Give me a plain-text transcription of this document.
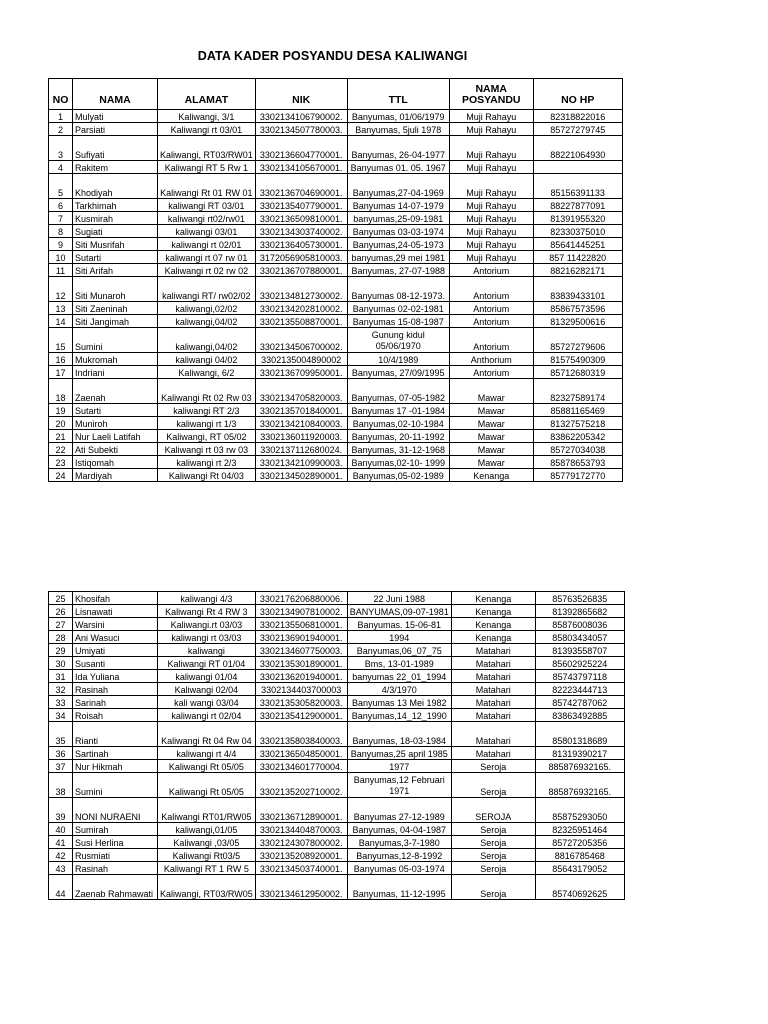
DATA KADER POSYANDU DESA KALIWANGI
NO	NAMA	ALAMAT	NIK	TTL	NAMA
POSYANDU	NO HP
1	Mulyati	Kaliwangi, 3/1	3302134106790002.	Banyumas, 01/06/1979	Muji Rahayu	82318822016
2	Parsiati	Kaliwangi rt 03/01	3302134507780003.	Banyumas, 5juli 1978	Muji Rahayu	85727279745
3	Sufiyati	Kaliwangi, RT03/RW01	3302136604770001.	Banyumas, 26-04-1977	Muji Rahayu	88221064930
4	Rakitem	Kaliwangi RT 5 Rw 1	3302134105670001.	Banyumas 01. 05. 1967	Muji Rahayu	
5	Khodiyah	Kaliwangi Rt 01 RW 01	3302136704690001.	Banyumas,27-04-1969	Muji Rahayu	85156391133
6	Tarkhimah	kaliwangi RT 03/01	3302135407790001.	Banyumas 14-07-1979	Muji Rahayu	88227877091
7	Kusmirah	kaliwangi rt02/rw01	3302136509810001.	banyumas,25-09-1981	Muji Rahayu	81391955320
8	Sugiati	kaliwangi 03/01	3302134303740002.	Banyumas 03-03-1974	Muji Rahayu	82330375010
9	Siti Musrifah	kaliwangi rt 02/01	3302136405730001.	Banyumas,24-05-1973	Muji Rahayu	85641445251
10	Sutarti	kaliwangi rt 07 rw 01	3172056905810003.	banyumas,29 mei 1981	Muji Rahayu	857 11422820
11	Siti Arifah	Kaliwangi rt 02 rw 02	3302136707880001.	Banyumas, 27-07-1988	Antorium	88216282171
12	Siti Munaroh	kaliwangi RT/ rw02/02	3302134812730002.	Banyumas 08-12-1973.	Antorium	83839433101
13	Siti Zaeninah	kaliwangi,02/02	3302134202810002.	Banyumas 02-02-1981	Antorium	85867573596
14	Siti Jangimah	kaliwangi,04/02	3302135508870001.	Banyumas 15-08-1987	Antorium	81329500616
15	Sumini	kaliwangi,04/02	3302134506700002.	Gunung kidul
05/06/1970	Antorium	85727279606
16	Mukromah	kaliwangi 04/02	3302135004890002	10/4/1989	Anthorium	81575490309
17	Indriani	Kaliwangi, 6/2	3302136709950001.	Banyumas, 27/09/1995	Antorium	85712680319
18	Zaenah	Kaliwangi Rt 02 Rw 03	3302134705820003.	Banyumas, 07-05-1982	Mawar	82327589174
19	Sutarti	kaliwangi RT 2/3	3302135701840001.	Banyumas 17 -01-1984	Mawar	85881165469
20	Muniroh	kaliwangi rt 1/3	3302134210840003.	Banyumas,02-10-1984	Mawar	81327575218
21	Nur Laeli Latifah	Kaliwangi, RT 05/02	3302136011920003.	Banyumas, 20-11-1992	Mawar	83862205342
22	Ati Subekti	Kaliwangi rt 03 rw 03	3302137112680024.	Banyumas, 31-12-1968	Mawar	85727034038
23	Istiqomah	kaliwangi rt 2/3	3302134210990003.	Banyumas,02-10- 1999	Mawar	85878653793
24	Mardiyah	Kaliwangi Rt 04/03	3302134502890001.	Banyumas,05-02-1989	Kenanga	85779172770
25	Khosifah	kaliwangi 4/3	3302176206880006.	22 Juni 1988	Kenanga	85763526835
26	Lisnawati	Kaliwangi Rt 4 RW 3	3302134907810002.	BANYUMAS,09-07-1981	Kenanga	81392865682
27	Warsini	Kaliwangi.rt 03/03	3302135506810001.	Banyumas. 15-06-81	Kenanga	85876008036
28	Ani Wasuci	kaliwangi rt 03/03	3302136901940001.	1994	Kenanga	85803434057
29	Umiyati	kaliwangi	3302134607750003.	Banyumas,06_07_75	Matahari	81393558707
30	Susanti	Kaliwangi RT 01/04	3302135301890001.	Bms, 13-01-1989	Matahari	85602925224
31	Ida Yuliana	kaliwangi 01/04	3302136201940001.	banyumas 22_01_1994	Matahari	85743797118
32	Rasinah	Kaliwangi 02/04	3302134403700003	4/3/1970	Matahari	82223444713
33	Sarinah	kali wangi 03/04	3302135305820003.	Banyumas 13 Mei 1982	Matahari	85742787062
34	Roisah	kaliwangi rt 02/04	3302135412900001.	Banyumas,14_12_1990	Matahari	83863492885
35	Rianti	Kaliwangi Rt 04 Rw 04	3302135803840003.	Banyumas, 18-03-1984	Matahari	85801318689
36	Sartinah	kaliwangi rt 4/4	3302136504850001.	Banyumas,25 april 1985	Matahari	81319390217
37	Nur Hikmah	Kaliwangi Rt 05/05	3302134601770004.	1977	Seroja	885876932165.
38	Sumini	Kaliwangi Rt 05/05	3302135202710002.	Banyumas,12 Februari
1971	Seroja	885876932165.
39	NONI NURAENI	Kaliwangi RT01/RW05	3302136712890001.	Banyumas 27-12-1989	SEROJA	85875293050
40	Sumirah	kaliwangi,01/05	3302134404870003.	Banyumas, 04-04-1987	Seroja	82325951464
41	Susi Herlina	Kaliwangi ,03/05	3302124307800002.	Banyumas,3-7-1980	Seroja	85727205356
42	Rusmiati	Kaliwangi Rt03/5	3302135208920001.	Banyumas,12-8-1992	Seroja	8816785468
43	Rasinah	Kaliwangi RT 1 RW 5	3302134503740001.	Banyumas 05-03-1974	Seroja	85643179052
44	Zaenab Rahmawati	Kaliwangi, RT03/RW05	3302134612950002.	Banyumas, 11-12-1995	Seroja	85740692625
